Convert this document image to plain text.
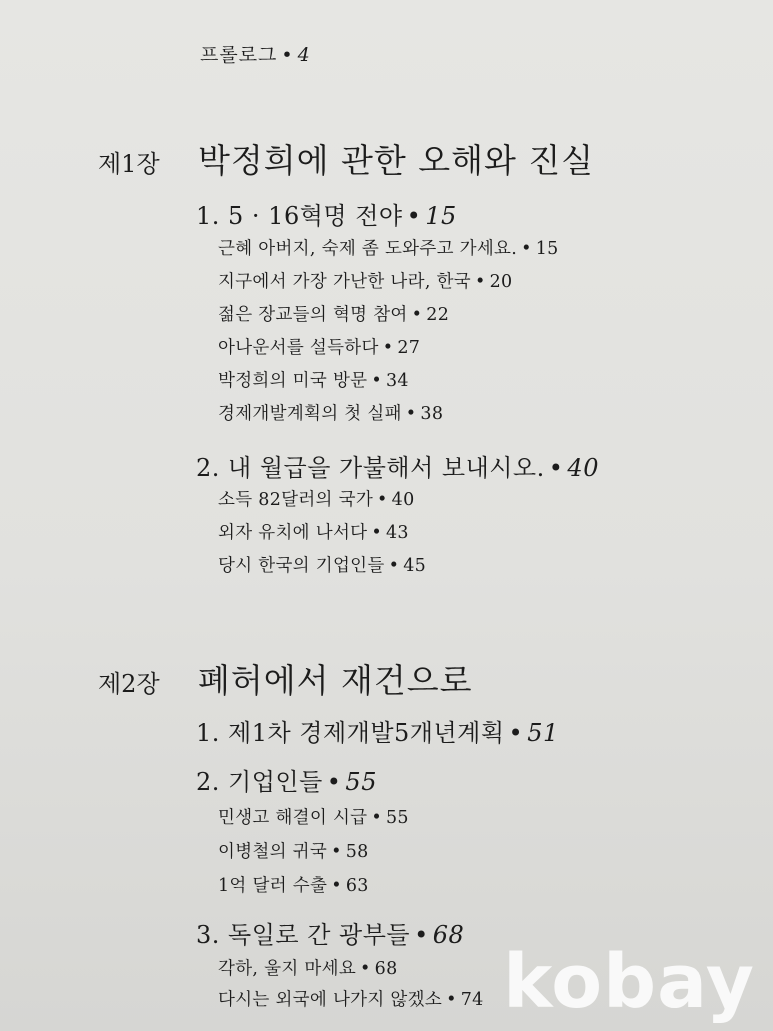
프롤로그 • 4
제1장 박정희에 관한 오해와 진실
1. 5 · 16혁명 전야 • 15
근혜 아버지, 숙제 좀 도와주고 가세요. • 15
지구에서 가장 가난한 나라, 한국 • 20
젊은 장교들의 혁명 참여 • 22
아나운서를 설득하다 • 27
박정희의 미국 방문 • 34
경제개발계획의 첫 실패 • 38
2. 내 월급을 가불해서 보내시오. • 40
소득 82달러의 국가 • 40
외자 유치에 나서다 • 43
당시 한국의 기업인들 • 45
제2장 폐허에서 재건으로
1. 제1차 경제개발5개년계획 • 51
2. 기업인들 • 55
민생고 해결이 시급 • 55
이병철의 귀국 • 58
1억 달러 수출 • 63
3. 독일로 간 광부들 • 68
각하, 울지 마세요 • 68
다시는 외국에 나가지 않겠소 • 74 kobay
